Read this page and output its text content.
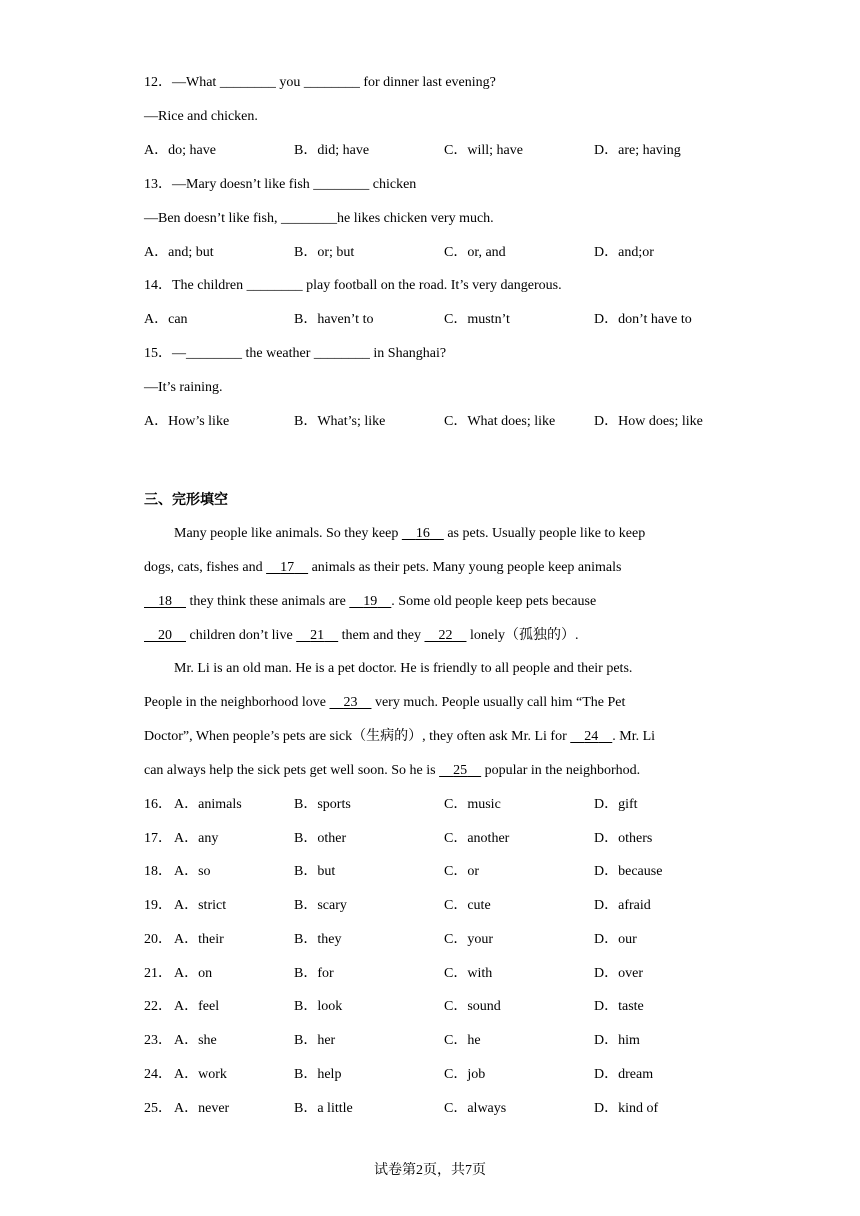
12．—What ________ you ________ for dinner last evening?
—Rice and chicken.
A．do; have	B．did; have	C．will; have	D．are; having
13．—Mary doesn’t like fish ________ chicken
—Ben doesn’t like fish, ________he likes chicken very much.
A．and; but	B．or; but	C．or, and	D．and;or
14．The children ________ play football on the road. It’s very dangerous.
A．can	B．haven’t to	C．mustn’t	D．don’t have to
15．—________ the weather ________ in Shanghai?
—It’s raining.
A．How’s like	B．What’s; like	C．What does; like	D．How does; like
三、完形填空
Many people like animals. So they keep     16     as pets. Usually people like to keep
dogs, cats, fishes and     17     animals as their pets. Many young people keep animals
18     they think these animals are     19 . Some old people keep pets because
20     children don’t live     21     them and they     22     lonely（孤独的）.
Mr. Li is an old man. He is a pet doctor. He is friendly to all people and their pets.
People in the neighborhood love     23     very much. People usually call him “The Pet
Doctor”, When people’s pets are sick（生病的）, they often ask Mr. Li for     24 . Mr. Li
can always help the sick pets get well soon. So he is     25     popular in the neighborhod.
16． A．animals	B．sports	C．music	D．gift
17． A．any	B．other	C．another	D．others
18． A．so	B．but	C．or	D．because
19． A．strict	B．scary	C．cute	D．afraid
20． A．their	B．they	C．your	D．our
21． A．on	B．for	C．with	D．over
22． A．feel	B．look	C．sound	D．taste
23． A．she	B．her	C．he	D．him
24． A．work	B．help	C．job	D．dream
25． A．never	B．a little	C．always	D．kind of
试卷第2页，共7页
